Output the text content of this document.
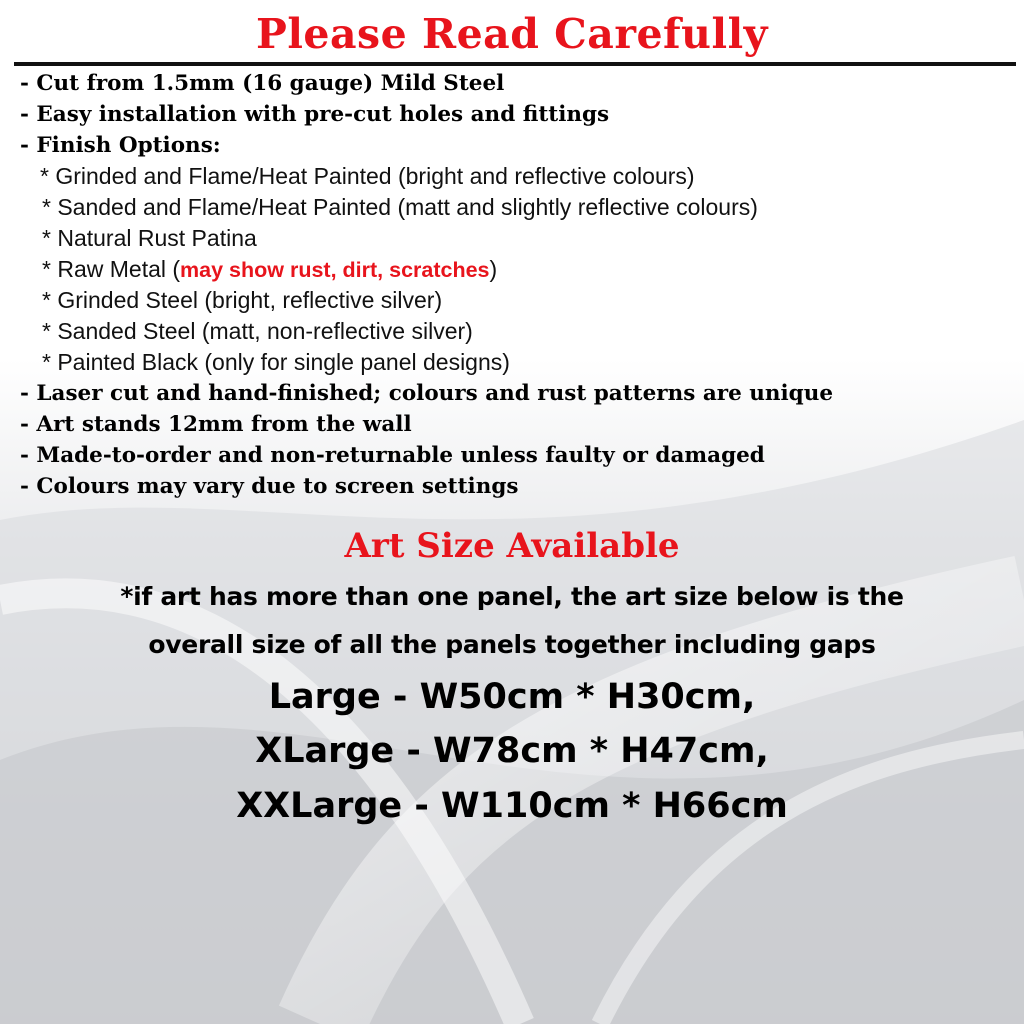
Please Read Carefully
- Cut from 1.5mm (16 gauge) Mild Steel
- Easy installation with pre-cut holes and fittings
- Finish Options:
* Grinded and Flame/Heat Painted (bright and reflective colours)
* Sanded and Flame/Heat Painted (matt and slightly reflective colours)
* Natural Rust Patina
* Raw Metal (may show rust, dirt, scratches)
* Grinded Steel (bright, reflective silver)
* Sanded Steel (matt, non-reflective silver)
* Painted Black (only for single panel designs)
- Laser cut and hand-finished; colours and rust patterns are unique
- Art stands 12mm from the wall
- Made-to-order and non-returnable unless faulty or damaged
- Colours may vary due to screen settings
Art Size Available
*if art has more than one panel, the art size below is the
overall size of all the panels together including gaps
Large - W50cm * H30cm,
XLarge - W78cm * H47cm,
XXLarge - W110cm * H66cm
